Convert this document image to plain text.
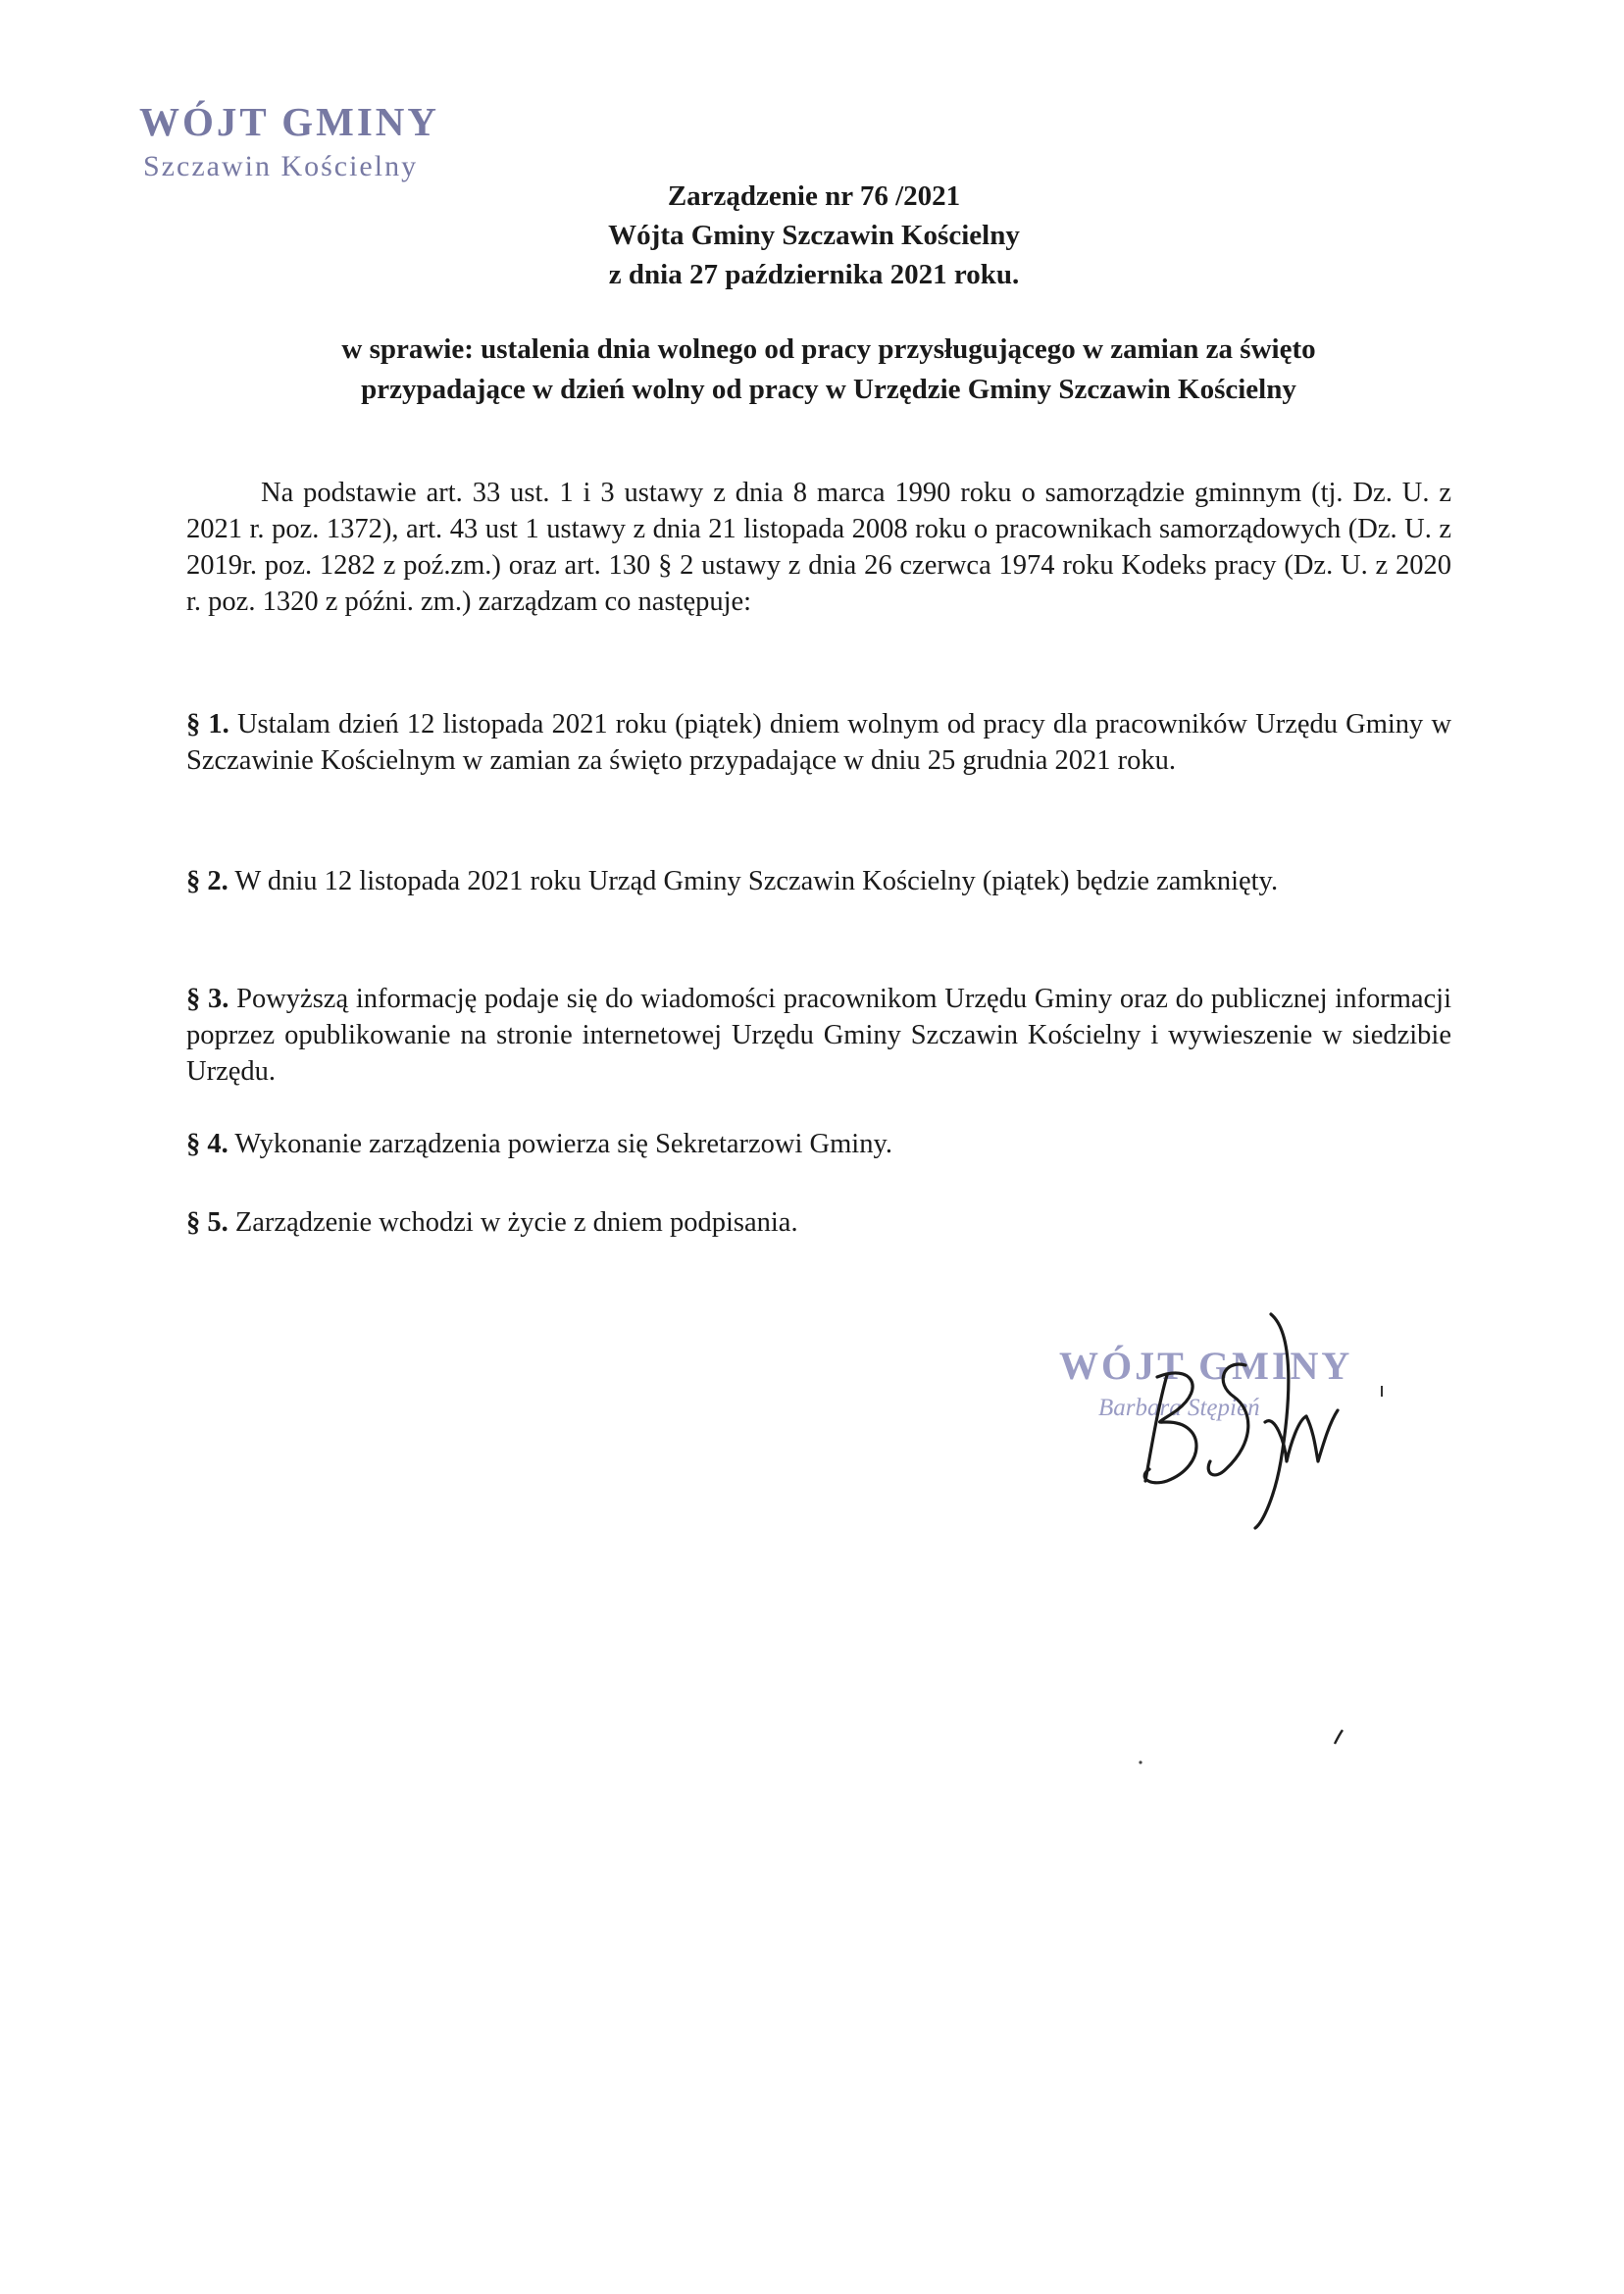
WÓJT GMINY
Szczawin Kościelny
Zarządzenie nr 76 /2021
Wójta Gminy Szczawin Kościelny
z dnia 27 października 2021 roku.
w sprawie: ustalenia dnia wolnego od pracy przysługującego w zamian za święto
przypadające w dzień wolny od pracy w Urzędzie Gminy Szczawin Kościelny
Na podstawie art. 33 ust. 1 i 3 ustawy z dnia 8 marca 1990 roku o samorządzie gminnym (tj. Dz. U. z 2021 r. poz. 1372), art. 43 ust 1 ustawy z dnia 21 listopada 2008 roku o pracownikach samorządowych (Dz. U. z 2019r. poz. 1282 z poź.zm.) oraz art. 130 § 2 ustawy z dnia 26 czerwca 1974 roku Kodeks pracy (Dz. U. z 2020 r. poz. 1320 z późni. zm.) zarządzam co następuje:
§ 1. Ustalam dzień 12 listopada 2021 roku (piątek) dniem wolnym od pracy dla pracowników Urzędu Gminy w Szczawinie Kościelnym w zamian za święto przypadające w dniu 25 grudnia 2021 roku.
§ 2. W dniu 12 listopada 2021 roku Urząd Gminy Szczawin Kościelny (piątek) będzie zamknięty.
§ 3. Powyższą informację podaje się do wiadomości pracownikom Urzędu Gminy oraz do publicznej informacji poprzez opublikowanie na stronie internetowej Urzędu Gminy Szczawin Kościelny i wywieszenie w siedzibie Urzędu.
§ 4. Wykonanie zarządzenia powierza się Sekretarzowi Gminy.
§ 5. Zarządzenie wchodzi w życie z dniem podpisania.
WÓJT GMINY
Barbara Stępień
